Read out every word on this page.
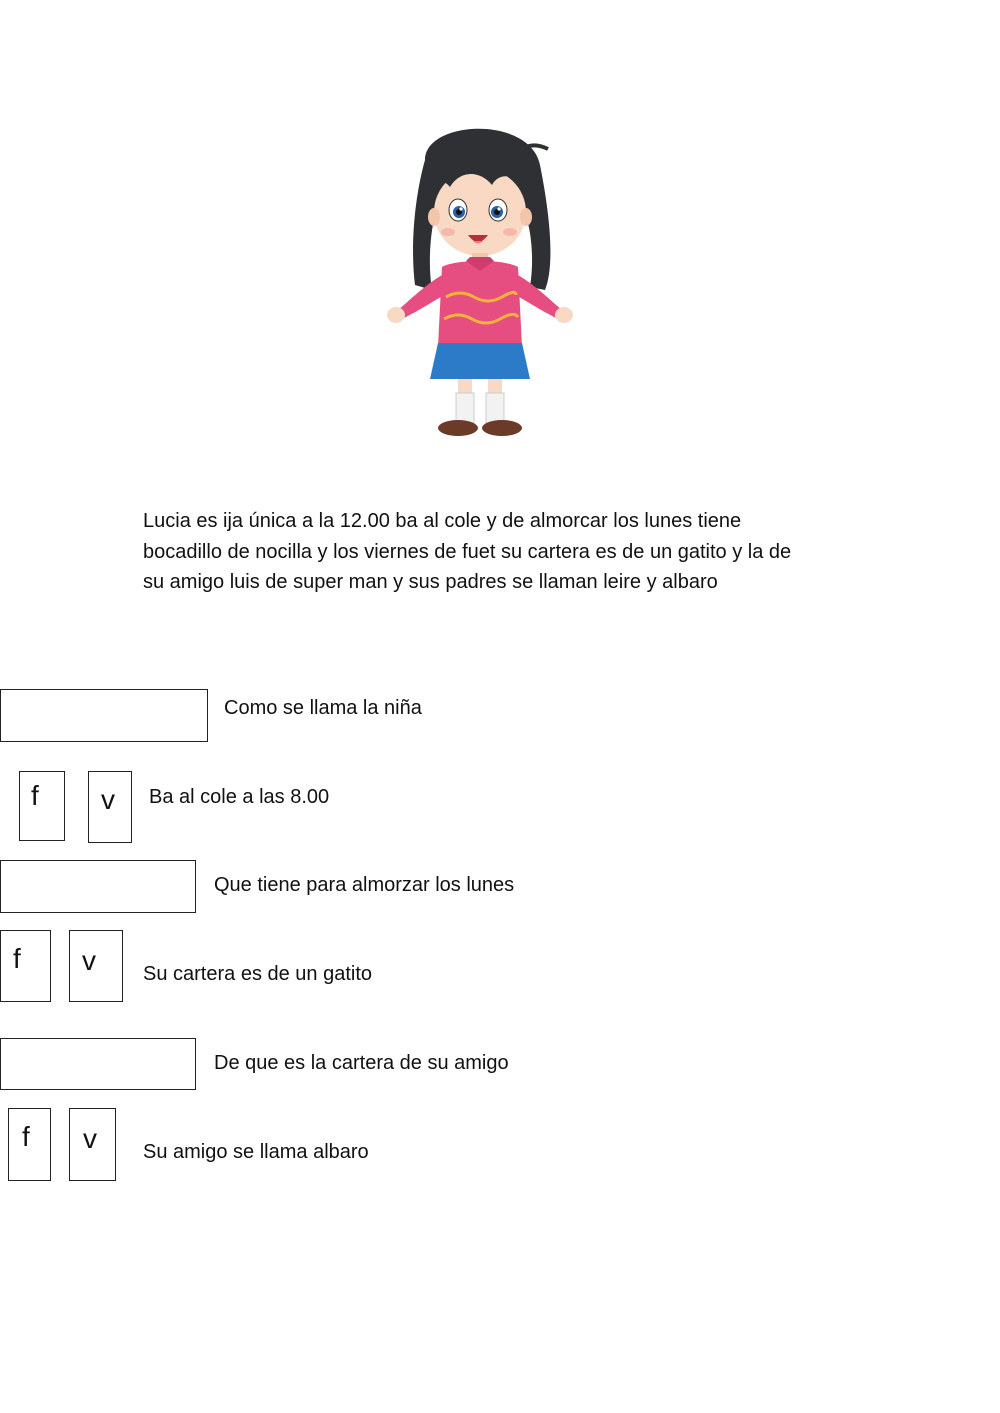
Lucia es ija única a la 12.00 ba al cole y de almorcar los lunes tiene
bocadillo de nocilla y los viernes de fuet su cartera es de un gatito y la de
su amigo luis de super man y sus padres se llaman leire y albaro
Como se llama la niña
f v Ba al cole a las 8.00
Que tiene para almorzar los lunes
f v Su cartera es de un gatito
De que es la cartera de su amigo
f v Su amigo se llama albaro
